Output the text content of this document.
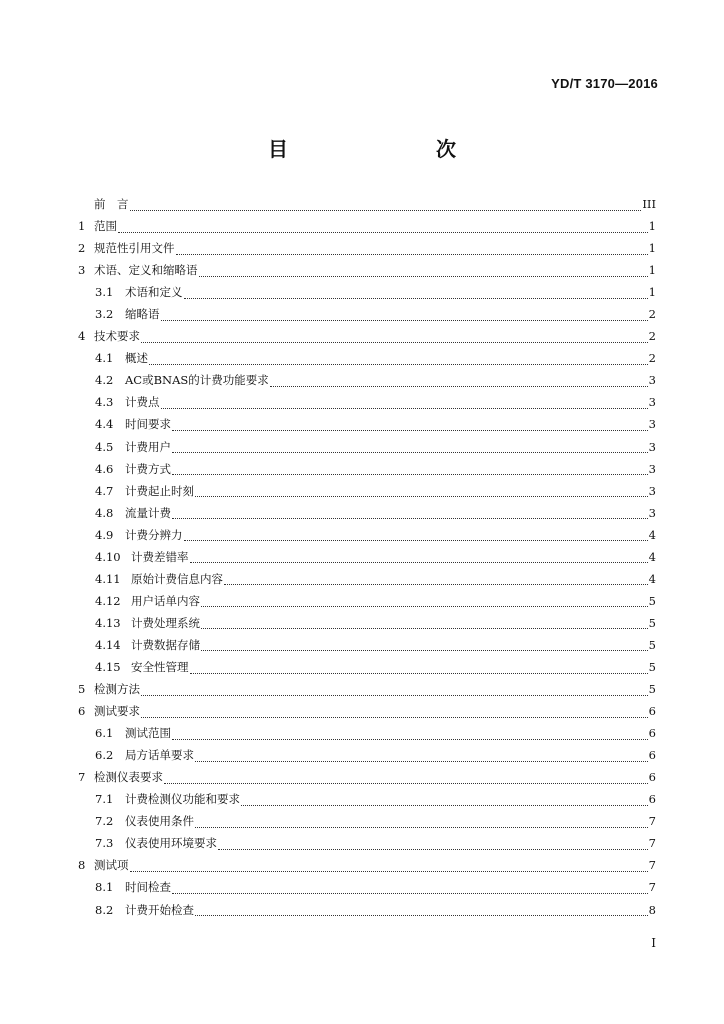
YD/T 3170—2016
目　　次
前　言	III
1 范围	1
2 规范性引用文件	1
3 术语、定义和缩略语	1
3.1	术语和定义	1
3.2	缩略语	2
4 技术要求	2
4.1	概述	2
4.2	AC或BNAS的计费功能要求	3
4.3	计费点	3
4.4	时间要求	3
4.5	计费用户	3
4.6	计费方式	3
4.7	计费起止时刻	3
4.8	流量计费	3
4.9	计费分辨力	4
4.10 计费差错率	4
4.11 原始计费信息内容	4
4.12 用户话单内容	5
4.13 计费处理系统	5
4.14 计费数据存储	5
4.15 安全性管理	5
5 检测方法	5
6 测试要求	6
6.1	测试范围	6
6.2	局方话单要求	6
7 检测仪表要求	6
7.1	计费检测仪功能和要求	6
7.2	仪表使用条件	7
7.3	仪表使用环境要求	7
8 测试项	7
8.1	时间检查	7
8.2	计费开始检查	8
I
